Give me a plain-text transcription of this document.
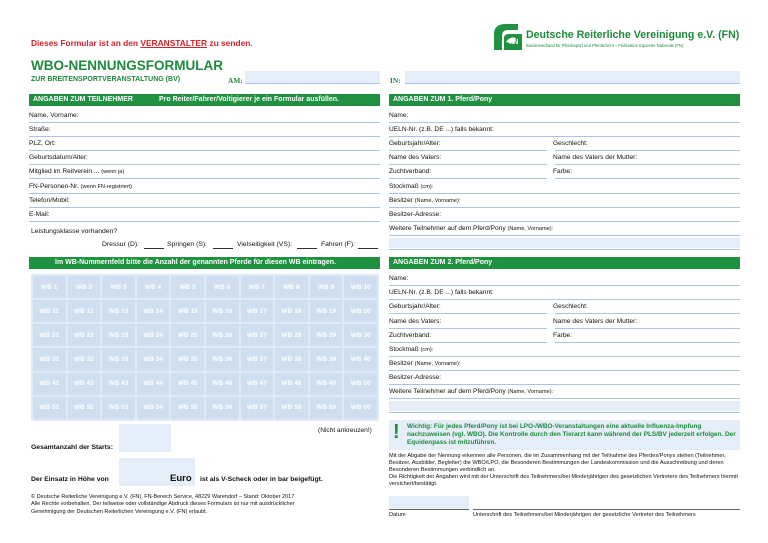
Dieses Formular ist an den VERANSTALTER zu senden.	FN
Deutsche Reiterliche Vereinigung e.V. (FN)
Bundesverband für Pferdesport und Pferdezucht – Fédération Equestre Nationale (FN)
WBO-NENNUNGSFORMULAR
ZUR BREITENSPORTVERANSTALTUNG (BV)	AM:	IN:
ANGABEN ZUM TEILNEHMER	Pro Reiter/Fahrer/Voltigierer je ein Formular ausfüllen.
Name, Vorname:
Straße:
PLZ, Ort:
Geburtsdatum/Alter:
Mitglied im Reitverein ... (wenn ja)
FN-Personen-Nr. (wenn FN-registriert)
Telefon/Mobil:
E-Mail:
Leistungsklasse vorhanden?
Dressur (D):	Springen (S):	Vielseitigkeit (VS):	Fahren (F):
Im WB-Nummernfeld bitte die Anzahl der genannten Pferde für diesen WB eintragen.
WB 1	WB 2	WB 3	WB 4	WB 5	WB 6	WB 7	WB 8	WB 9	WB 10
WB 11 WB 12 WB 13 WB 14 WB 15 WB 16 WB 17 WB 18 WB 19 WB 20
WB 21 WB 22 WB 23 WB 24 WB 25 WB 26 WB 27 WB 28 WB 29 WB 30
WB 31 WB 32 WB 33 WB 34 WB 35 WB 36 WB 37 WB 38 WB 39 WB 40
WB 41 WB 42 WB 43 WB 44 WB 45 WB 46 WB 47 WB 48 WB 49 WB 50
WB 51 WB 52 WB 53 WB 54 WB 55 WB 56 WB 57 WB 58 WB 59 WB 60
(Nicht ankreuzen!)
Gesamtanzahl der Starts:
Der Einsatz in Höhe von	Euro ist als V-Scheck oder in bar beigefügt.
© Deutsche Reiterliche Vereinigung e.V. (FN), FN-Bereich Service, 48229 Warendorf – Stand: Oktober 2017
Alle Rechte vorbehalten. Der teilweise oder vollständige Abdruck dieses Formulars ist nur mit ausdrücklicher
Genehmigung der Deutschen Reiterlichen Vereinigung e.V. (FN) erlaubt.
ANGABEN ZUM 1. Pferd/Pony
Name:
UELN-Nr. (z.B. DE ...) falls bekannt:
Geburtsjahr/Alter:	Geschlecht:
Name des Vaters:	Name des Vaters der Mutter:
Zuchtverband:	Farbe:
Stockmaß (cm):
Besitzer (Name, Vorname):
Besitzer-Adresse:
Weitere Teilnehmer auf dem Pferd/Pony (Name, Vorname):
ANGABEN ZUM 2. Pferd/Pony
Name:
UELN-Nr. (z.B. DE ...) falls bekannt:
Geburtsjahr/Alter:	Geschlecht:
Name des Vaters:	Name des Vaters der Mutter:
Zuchtverband:	Farbe:
Stockmaß (cm):
Besitzer (Name, Vorname):
Besitzer-Adresse:
Weitere Teilnehmer auf dem Pferd/Pony (Name, Vorname):
! Wichtig: Für jedes Pferd/Pony ist bei LPO-/WBO-Veranstaltungen eine aktuelle Influenza-Impfung nachzuweisen (vgl. WBO). Die Kontrolle durch den Tierarzt kann während der PLS/BV jederzeit erfolgen. Der Equidenpass ist mitzuführen.
Mit der Abgabe der Nennung erkennen alle Personen, die im Zusammenhang mit der Teilnahme des Pferdes/Ponys stehen (Teilnehmer, Besitzer, Ausbilder, Begleiter) die WBO/LPO, die Besonderen Bestimmungen der Landeskommission und die Ausschreibung und deren Besonderen Bestimmungen verbindlich an.
Die Richtigkeit der Angaben wird mit der Unterschrift des Teilnehmers/bei Minderjährigen des gesetzlichen Vertreters des Teilnehmers hiermit versichert/bestätigt.
Datum	Unterschrift des Teilnehmers/bei Minderjährigen der gesetzliche Vertreter des Teilnehmers
